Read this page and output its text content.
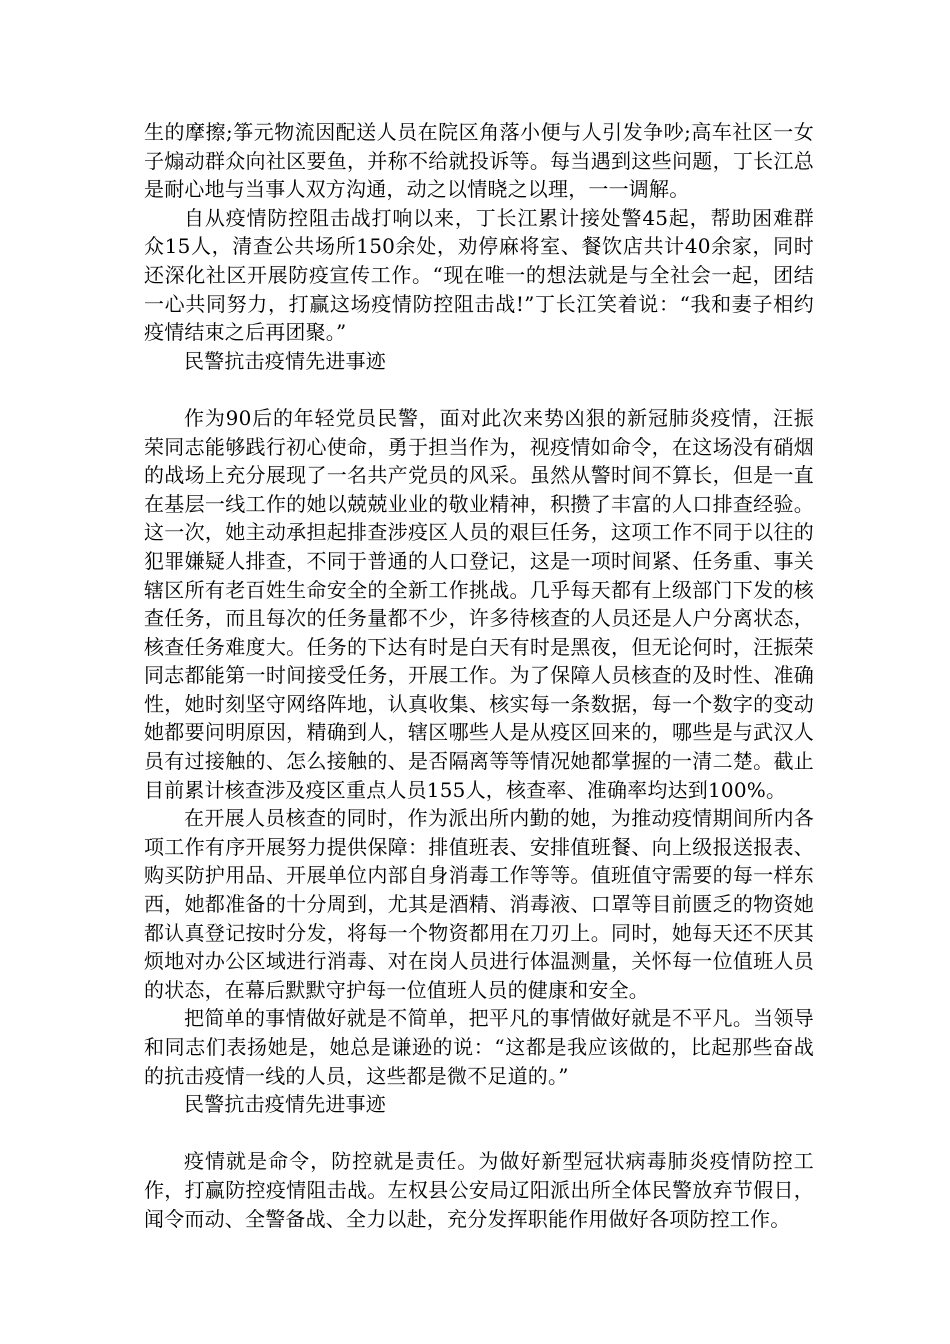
生的摩擦;筝元物流因配送人员在院区角落小便与人引发争吵;高车社区一女子煽动群众向社区要鱼，并称不给就投诉等。每当遇到这些问题，丁长江总是耐心地与当事人双方沟通，动之以情晓之以理，一一调解。

自从疫情防控阻击战打响以来，丁长江累计接处警45起，帮助困难群众15人，清查公共场所150余处，劝停麻将室、餐饮店共计40余家，同时还深化社区开展防疫宣传工作。“现在唯一的想法就是与全社会一起，团结一心共同努力，打赢这场疫情防控阻击战!”丁长江笑着说：“我和妻子相约疫情结束之后再团聚。”

民警抗击疫情先进事迹

作为90后的年轻党员民警，面对此次来势凶狠的新冠肺炎疫情，汪振荣同志能够践行初心使命，勇于担当作为，视疫情如命令，在这场没有硝烟的战场上充分展现了一名共产党员的风采。虽然从警时间不算长，但是一直在基层一线工作的她以兢兢业业的敬业精神，积攒了丰富的人口排查经验。这一次，她主动承担起排查涉疫区人员的艰巨任务，这项工作不同于以往的犯罪嫌疑人排查，不同于普通的人口登记，这是一项时间紧、任务重、事关辖区所有老百姓生命安全的全新工作挑战。几乎每天都有上级部门下发的核查任务，而且每次的任务量都不少，许多待核查的人员还是人户分离状态，核查任务难度大。任务的下达有时是白天有时是黑夜，但无论何时，汪振荣同志都能第一时间接受任务，开展工作。为了保障人员核查的及时性、准确性，她时刻坚守网络阵地，认真收集、核实每一条数据，每一个数字的变动她都要问明原因，精确到人，辖区哪些人是从疫区回来的，哪些是与武汉人员有过接触的、怎么接触的、是否隔离等等情况她都掌握的一清二楚。截止目前累计核查涉及疫区重点人员155人，核查率、准确率均达到100%。

在开展人员核查的同时，作为派出所内勤的她，为推动疫情期间所内各项工作有序开展努力提供保障：排值班表、安排值班餐、向上级报送报表、购买防护用品、开展单位内部自身消毒工作等等。值班值守需要的每一样东西，她都准备的十分周到，尤其是酒精、消毒液、口罩等目前匮乏的物资她都认真登记按时分发，将每一个物资都用在刀刃上。同时，她每天还不厌其烦地对办公区域进行消毒、对在岗人员进行体温测量，关怀每一位值班人员的状态，在幕后默默守护每一位值班人员的健康和安全。

把简单的事情做好就是不简单，把平凡的事情做好就是不平凡。当领导和同志们表扬她是，她总是谦逊的说：“这都是我应该做的，比起那些奋战的抗击疫情一线的人员，这些都是微不足道的。”

民警抗击疫情先进事迹

疫情就是命令，防控就是责任。为做好新型冠状病毒肺炎疫情防控工作，打赢防控疫情阻击战。左权县公安局辽阳派出所全体民警放弃节假日，闻令而动、全警备战、全力以赴，充分发挥职能作用做好各项防控工作。
